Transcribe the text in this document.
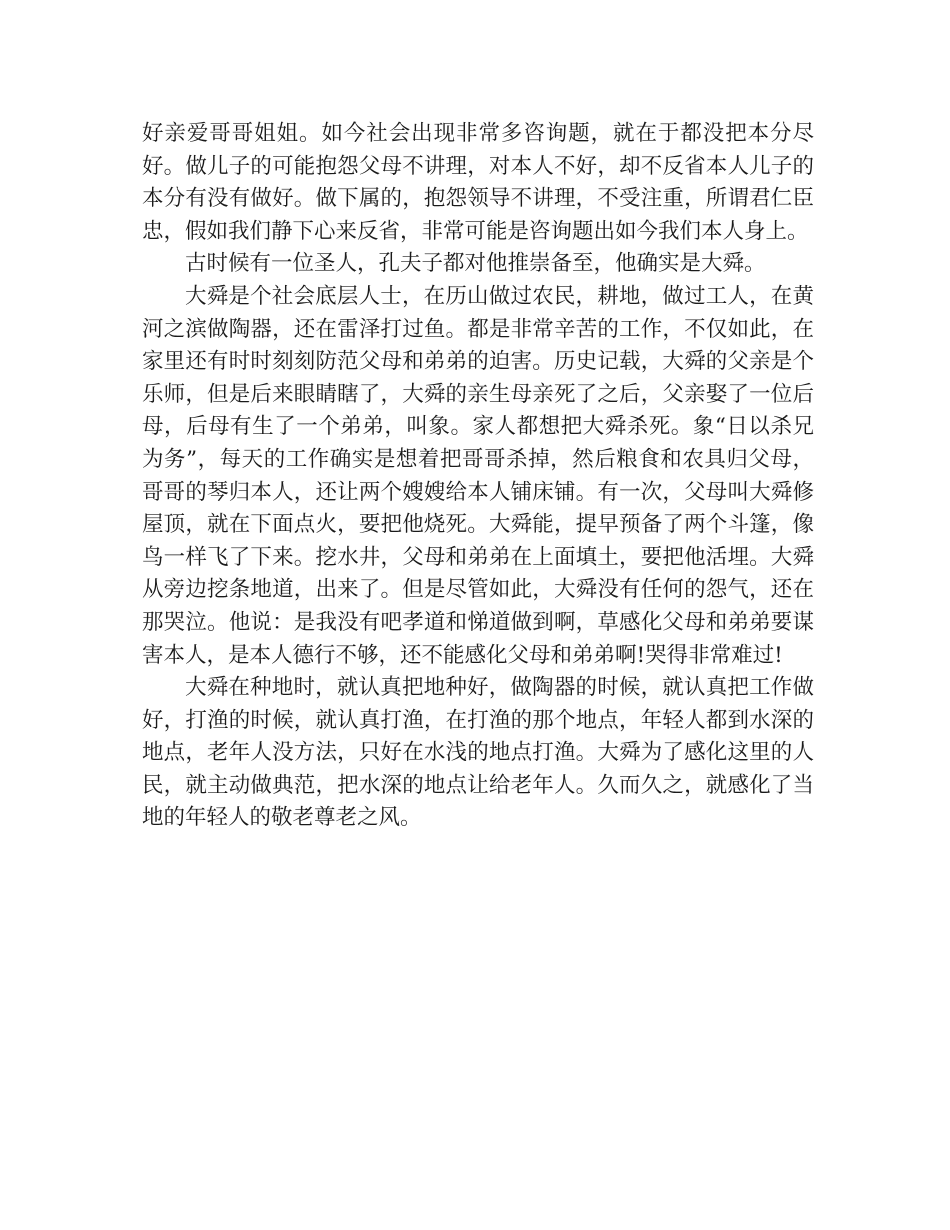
好亲爱哥哥姐姐。如今社会出现非常多咨询题，就在于都没把本分尽好。做儿子的可能抱怨父母不讲理，对本人不好，却不反省本人儿子的本分有没有做好。做下属的，抱怨领导不讲理，不受注重，所谓君仁臣忠，假如我们静下心来反省，非常可能是咨询题出如今我们本人身上。

古时候有一位圣人，孔夫子都对他推崇备至，他确实是大舜。

大舜是个社会底层人士，在历山做过农民，耕地，做过工人，在黄河之滨做陶器，还在雷泽打过鱼。都是非常辛苦的工作，不仅如此，在家里还有时时刻刻防范父母和弟弟的迫害。历史记载，大舜的父亲是个乐师，但是后来眼睛瞎了，大舜的亲生母亲死了之后，父亲娶了一位后母，后母有生了一个弟弟，叫象。家人都想把大舜杀死。象“日以杀兄为务”，每天的工作确实是想着把哥哥杀掉，然后粮食和农具归父母，哥哥的琴归本人，还让两个嫂嫂给本人铺床铺。有一次，父母叫大舜修屋顶，就在下面点火，要把他烧死。大舜能，提早预备了两个斗篷，像鸟一样飞了下来。挖水井，父母和弟弟在上面填土，要把他活埋。大舜从旁边挖条地道，出来了。但是尽管如此，大舜没有任何的怨气，还在那哭泣。他说：是我没有吧孝道和悌道做到啊，草感化父母和弟弟要谋害本人，是本人德行不够，还不能感化父母和弟弟啊!哭得非常难过!

大舜在种地时，就认真把地种好，做陶器的时候，就认真把工作做好，打渔的时候，就认真打渔，在打渔的那个地点，年轻人都到水深的地点，老年人没方法，只好在水浅的地点打渔。大舜为了感化这里的人民，就主动做典范，把水深的地点让给老年人。久而久之，就感化了当地的年轻人的敬老尊老之风。
